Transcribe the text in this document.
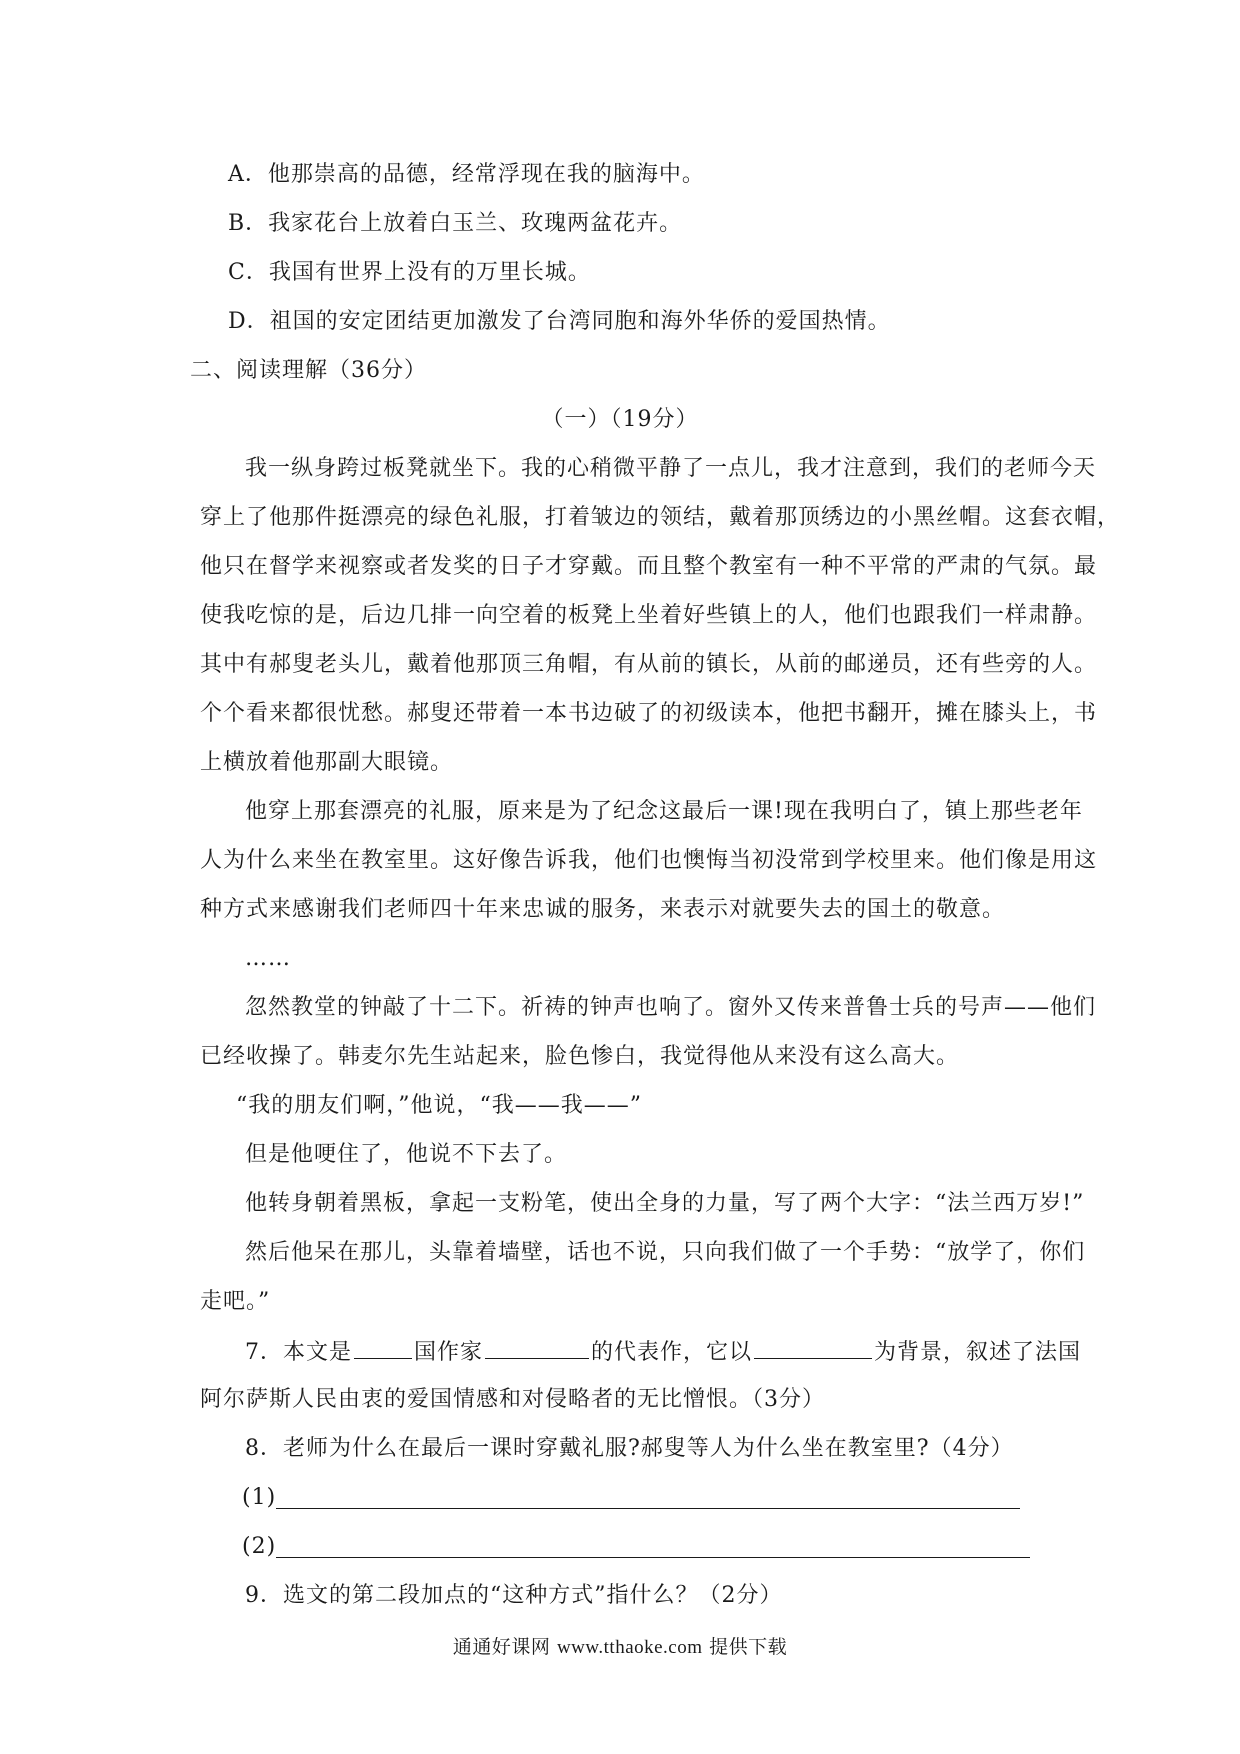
A．他那崇高的品德，经常浮现在我的脑海中。
B．我家花台上放着白玉兰、玫瑰两盆花卉。
C．我国有世界上没有的万里长城。
D．祖国的安定团结更加激发了台湾同胞和海外华侨的爱国热情。
二、阅读理解（36分）
（一）（19分）
我一纵身跨过板凳就坐下。我的心稍微平静了一点儿，我才注意到，我们的老师今天
穿上了他那件挺漂亮的绿色礼服，打着皱边的领结，戴着那顶绣边的小黑丝帽。这套衣帽，
他只在督学来视察或者发奖的日子才穿戴。而且整个教室有一种不平常的严肃的气氛。最
使我吃惊的是，后边几排一向空着的板凳上坐着好些镇上的人，他们也跟我们一样肃静。
其中有郝叟老头儿，戴着他那顶三角帽，有从前的镇长，从前的邮递员，还有些旁的人。
个个看来都很忧愁。郝叟还带着一本书边破了的初级读本，他把书翻开，摊在膝头上，书
上横放着他那副大眼镜。
他穿上那套漂亮的礼服，原来是为了纪念这最后一课!现在我明白了，镇上那些老年
人为什么来坐在教室里。这好像告诉我，他们也懊悔当初没常到学校里来。他们像是用这
种方式来感谢我们老师四十年来忠诚的服务，来表示对就要失去的国土的敬意。
……
忽然教堂的钟敲了十二下。祈祷的钟声也响了。窗外又传来普鲁士兵的号声——他们
已经收操了。韩麦尔先生站起来，脸色惨白，我觉得他从来没有这么高大。
“我的朋友们啊，”他说，“我——我——”
但是他哽住了，他说不下去了。
他转身朝着黑板，拿起一支粉笔，使出全身的力量，写了两个大字：“法兰西万岁!”
然后他呆在那儿，头靠着墙壁，话也不说，只向我们做了一个手势：“放学了，你们
走吧。”
7．本文是	国作家	的代表作，它以	为背景，叙述了法国
阿尔萨斯人民由衷的爱国情感和对侵略者的无比憎恨。（3分）
8．老师为什么在最后一课时穿戴礼服?郝叟等人为什么坐在教室里?（4分）
(1)
(2)
9．选文的第二段加点的“这种方式”指什么？（2分）
通通好课网 www.tthaoke.com 提供下载
